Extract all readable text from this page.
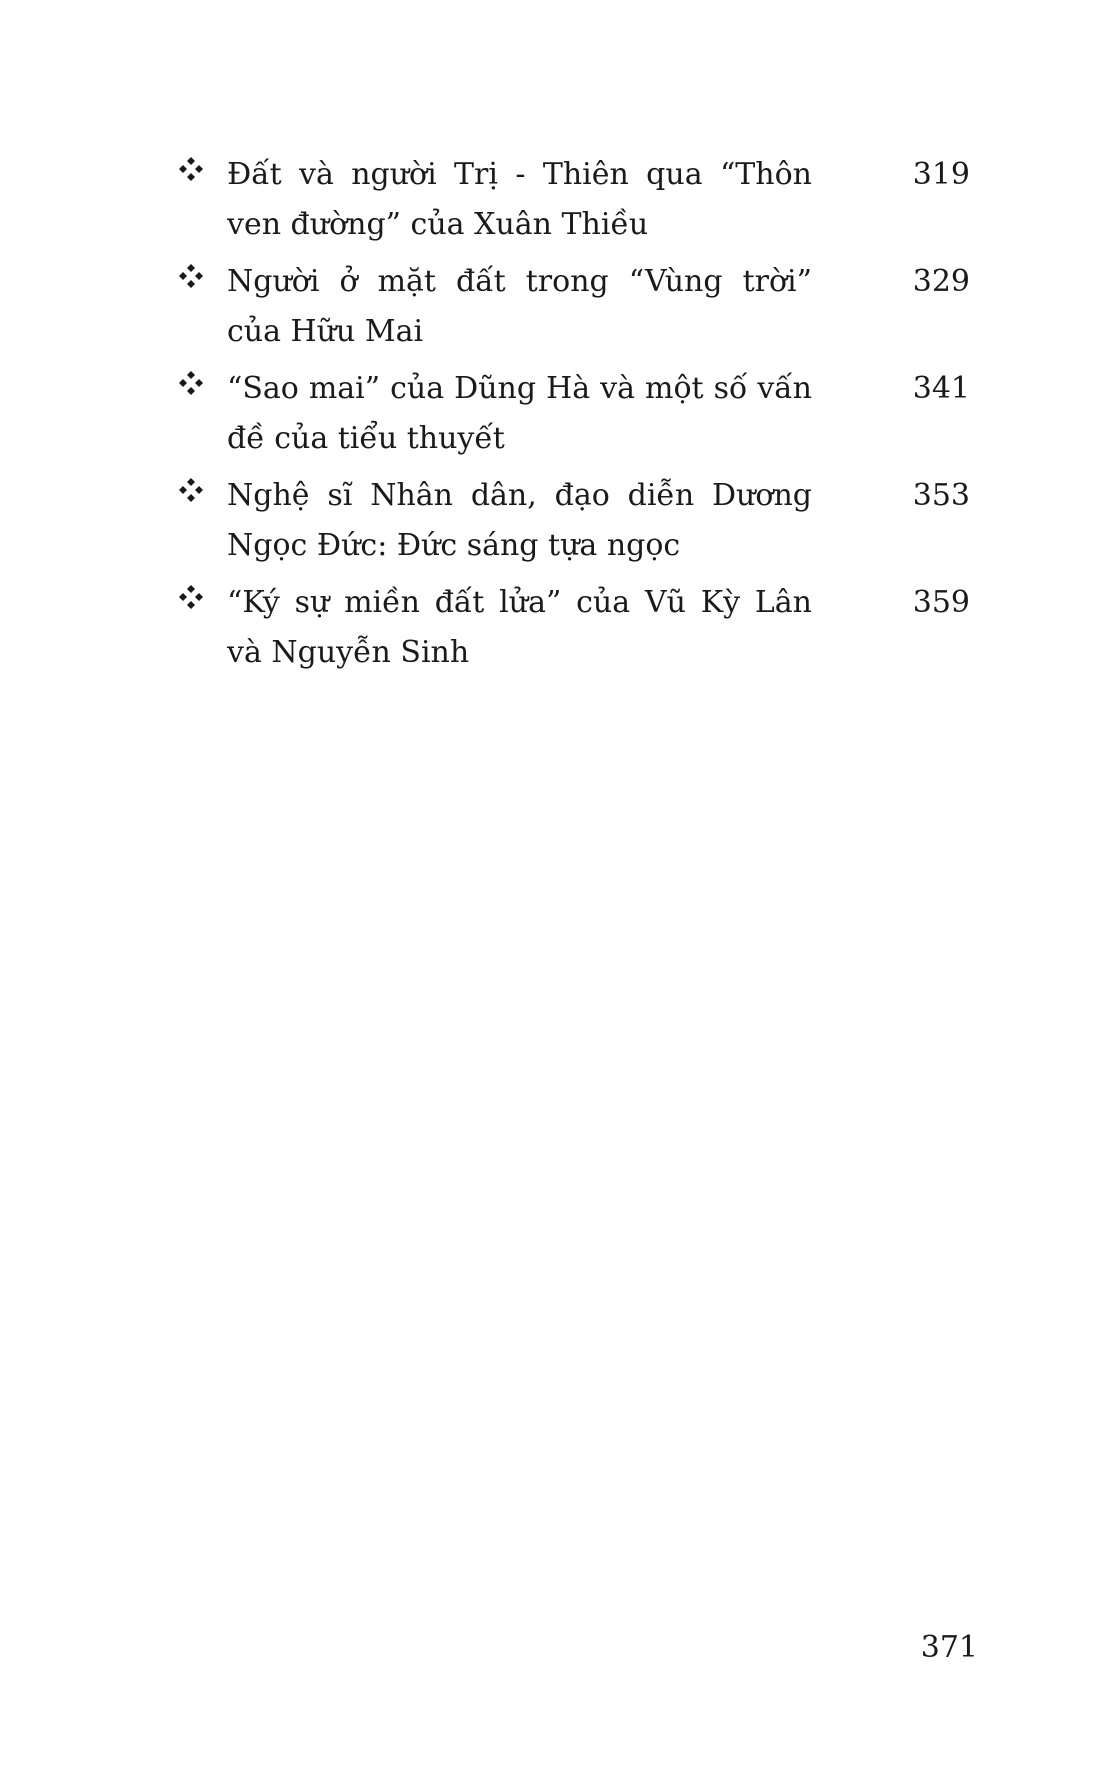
Đất và người Trị - Thiên qua “Thôn ven đường” của Xuân Thiều
319
Người ở mặt đất trong “Vùng trời” của Hữu Mai
329
“Sao mai” của Dũng Hà và một số vấn đề của tiểu thuyết
341
Nghệ sĩ Nhân dân, đạo diễn Dương Ngọc Đức: Đức sáng tựa ngọc
353
“Ký sự miền đất lửa” của Vũ Kỳ Lân và Nguyễn Sinh
359
371
